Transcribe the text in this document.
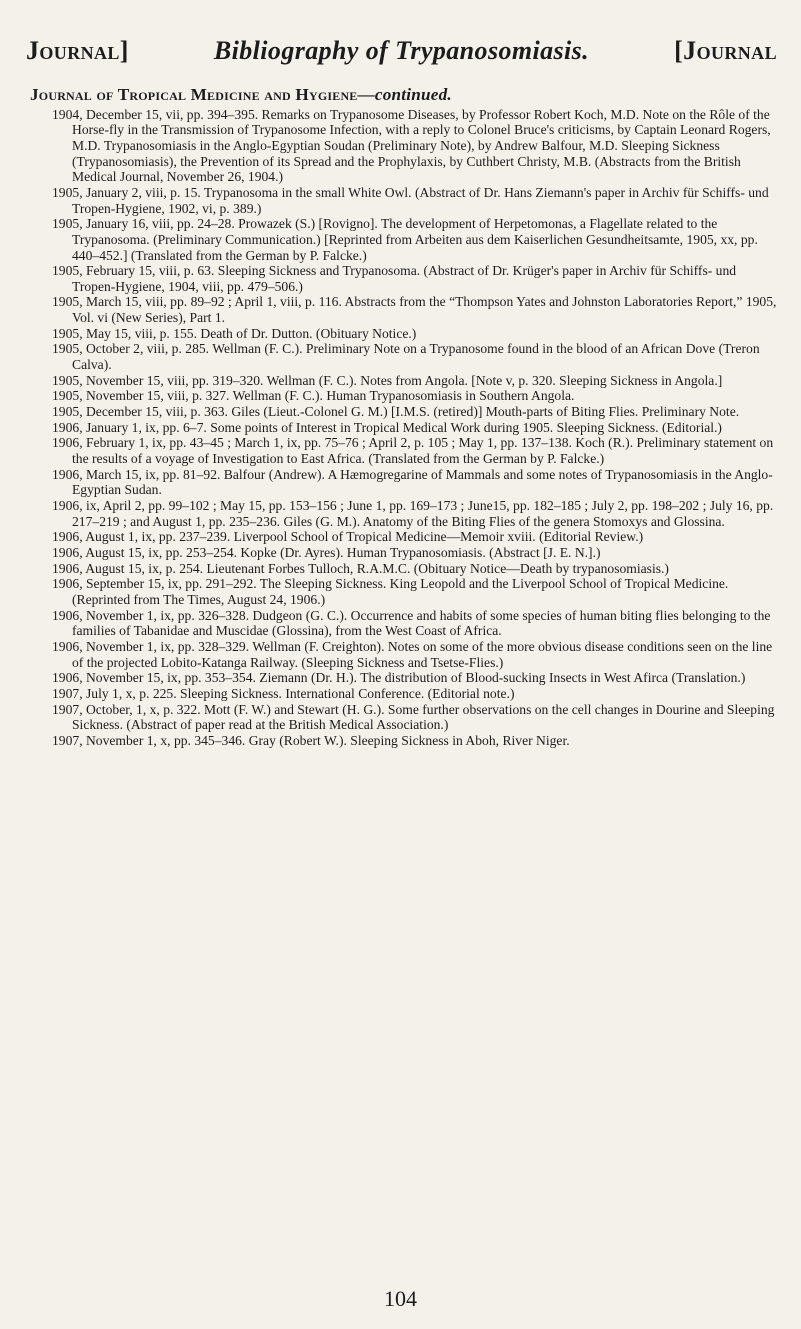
Journal]	Bibliography of Trypanosomiasis.	[Journal
Journal of Tropical Medicine and Hygiene—continued.

1904, December 15, vii, pp. 394–395. Remarks on Trypanosome Diseases, by Professor Robert Koch, M.D. Note on the Rôle of the Horse-fly in the Transmission of Trypanosome Infection, with a reply to Colonel Bruce's criticisms, by Captain Leonard Rogers, M.D. Trypanosomiasis in the Anglo-Egyptian Soudan (Preliminary Note), by Andrew Balfour, M.D. Sleeping Sickness (Trypanosomiasis), the Prevention of its Spread and the Prophylaxis, by Cuthbert Christy, M.B. (Abstracts from the British Medical Journal, November 26, 1904.)

1905, January 2, viii, p. 15. Trypanosoma in the small White Owl. (Abstract of Dr. Hans Ziemann's paper in Archiv für Schiffs- und Tropen-Hygiene, 1902, vi, p. 389.)

1905, January 16, viii, pp. 24–28. Prowazek (S.) [Rovigno]. The development of Herpetomonas, a Flagellate related to the Trypanosoma. (Preliminary Communication.) [Reprinted from Arbeiten aus dem Kaiserlichen Gesundheitsamte, 1905, xx, pp. 440–452.] (Translated from the German by P. Falcke.)

1905, February 15, viii, p. 63. Sleeping Sickness and Trypanosoma. (Abstract of Dr. Krüger's paper in Archiv für Schiffs- und Tropen-Hygiene, 1904, viii, pp. 479–506.)

1905, March 15, viii, pp. 89–92 ; April 1, viii, p. 116. Abstracts from the “Thompson Yates and Johnston Laboratories Report,” 1905, Vol. vi (New Series), Part 1.

1905, May 15, viii, p. 155. Death of Dr. Dutton. (Obituary Notice.)

1905, October 2, viii, p. 285. Wellman (F. C.). Preliminary Note on a Trypanosome found in the blood of an African Dove (Treron Calva).

1905, November 15, viii, pp. 319–320. Wellman (F. C.). Notes from Angola. [Note v, p. 320. Sleeping Sickness in Angola.]

1905, November 15, viii, p. 327. Wellman (F. C.). Human Trypanosomiasis in Southern Angola.

1905, December 15, viii, p. 363. Giles (Lieut.-Colonel G. M.) [I.M.S. (retired)] Mouth-parts of Biting Flies. Preliminary Note.

1906, January 1, ix, pp. 6–7. Some points of Interest in Tropical Medical Work during 1905. Sleeping Sickness. (Editorial.)

1906, February 1, ix, pp. 43–45 ; March 1, ix, pp. 75–76 ; April 2, p. 105 ; May 1, pp. 137–138. Koch (R.). Preliminary statement on the results of a voyage of Investigation to East Africa. (Translated from the German by P. Falcke.)

1906, March 15, ix, pp. 81–92. Balfour (Andrew). A Hæmogregarine of Mammals and some notes of Trypanosomiasis in the Anglo-Egyptian Sudan.

1906, ix, April 2, pp. 99–102 ; May 15, pp. 153–156 ; June 1, pp. 169–173 ; June15, pp. 182–185 ; July 2, pp. 198–202 ; July 16, pp. 217–219 ; and August 1, pp. 235–236. Giles (G. M.). Anatomy of the Biting Flies of the genera Stomoxys and Glossina.

1906, August 1, ix, pp. 237–239. Liverpool School of Tropical Medicine—Memoir xviii. (Editorial Review.)

1906, August 15, ix, pp. 253–254. Kopke (Dr. Ayres). Human Trypanosomiasis. (Abstract [J. E. N.].)

1906, August 15, ix, p. 254. Lieutenant Forbes Tulloch, R.A.M.C. (Obituary Notice—Death by trypanosomiasis.)

1906, September 15, ix, pp. 291–292. The Sleeping Sickness. King Leopold and the Liverpool School of Tropical Medicine. (Reprinted from The Times, August 24, 1906.)

1906, November 1, ix, pp. 326–328. Dudgeon (G. C.). Occurrence and habits of some species of human biting flies belonging to the families of Tabanidae and Muscidae (Glossina), from the West Coast of Africa.

1906, November 1, ix, pp. 328–329. Wellman (F. Creighton). Notes on some of the more obvious disease conditions seen on the line of the projected Lobito-Katanga Railway. (Sleeping Sickness and Tsetse-Flies.)

1906, November 15, ix, pp. 353–354. Ziemann (Dr. H.). The distribution of Blood-sucking Insects in West Afirca (Translation.)

1907, July 1, x, p. 225. Sleeping Sickness. International Conference. (Editorial note.)

1907, October, 1, x, p. 322. Mott (F. W.) and Stewart (H. G.). Some further observations on the cell changes in Dourine and Sleeping Sickness. (Abstract of paper read at the British Medical Association.)

1907, November 1, x, pp. 345–346. Gray (Robert W.). Sleeping Sickness in Aboh, River Niger.

104
